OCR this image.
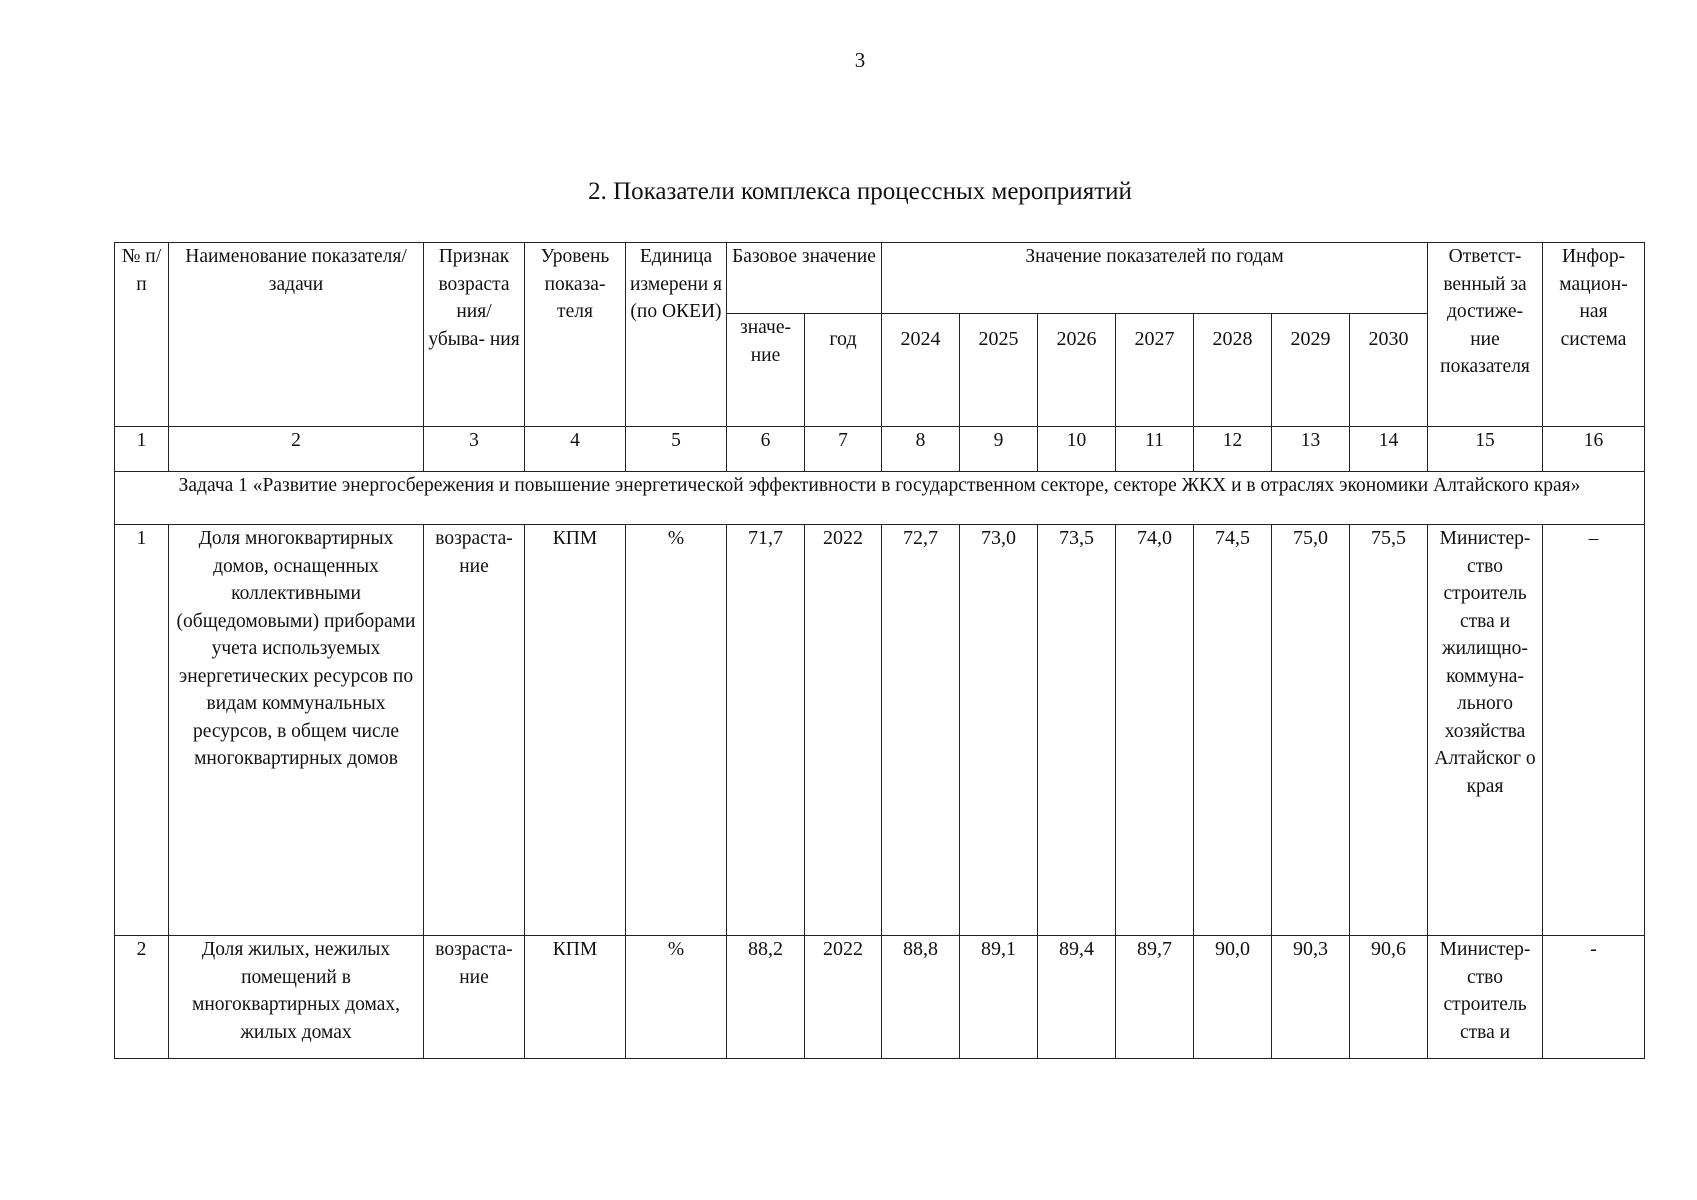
3
2. Показатели комплекса процессных мероприятий
№ п/п	Наименование показателя/задачи	Признак возраста ния/ убыва- ния	Уровень показа- теля	Единица измерени я (по ОКЕИ)	Базовое значение		Значение показателей по годам							Ответст- венный за достиже- ние показателя	Инфор- мацион- ная система
					значе- ние	год	2024	2025	2026	2027	2028	2029	2030		
1	2	3	4	5	6	7	8	9	10	11	12	13	14	15	16
Задача 1 «Развитие энергосбережения и повышение энергетической эффективности в государственном секторе, секторе ЖКХ и в отраслях экономики Алтайского края»															
1	Доля многоквартирных домов, оснащенных коллективными (общедомовыми) приборами учета используемых энергетических ресурсов по видам коммунальных ресурсов, в общем числе многоквартирных домов	возраста- ние	КПМ	%	71,7	2022	72,7	73,0	73,5	74,0	74,5	75,0	75,5	Министер- ство строитель ства и жилищно- коммуна- льного хозяйства Алтайског о края	–
2	Доля жилых, нежилых помещений в многоквартирных домах, жилых домах	возраста- ние	КПМ	%	88,2	2022	88,8	89,1	89,4	89,7	90,0	90,3	90,6	Министер- ство строитель ства и	-
